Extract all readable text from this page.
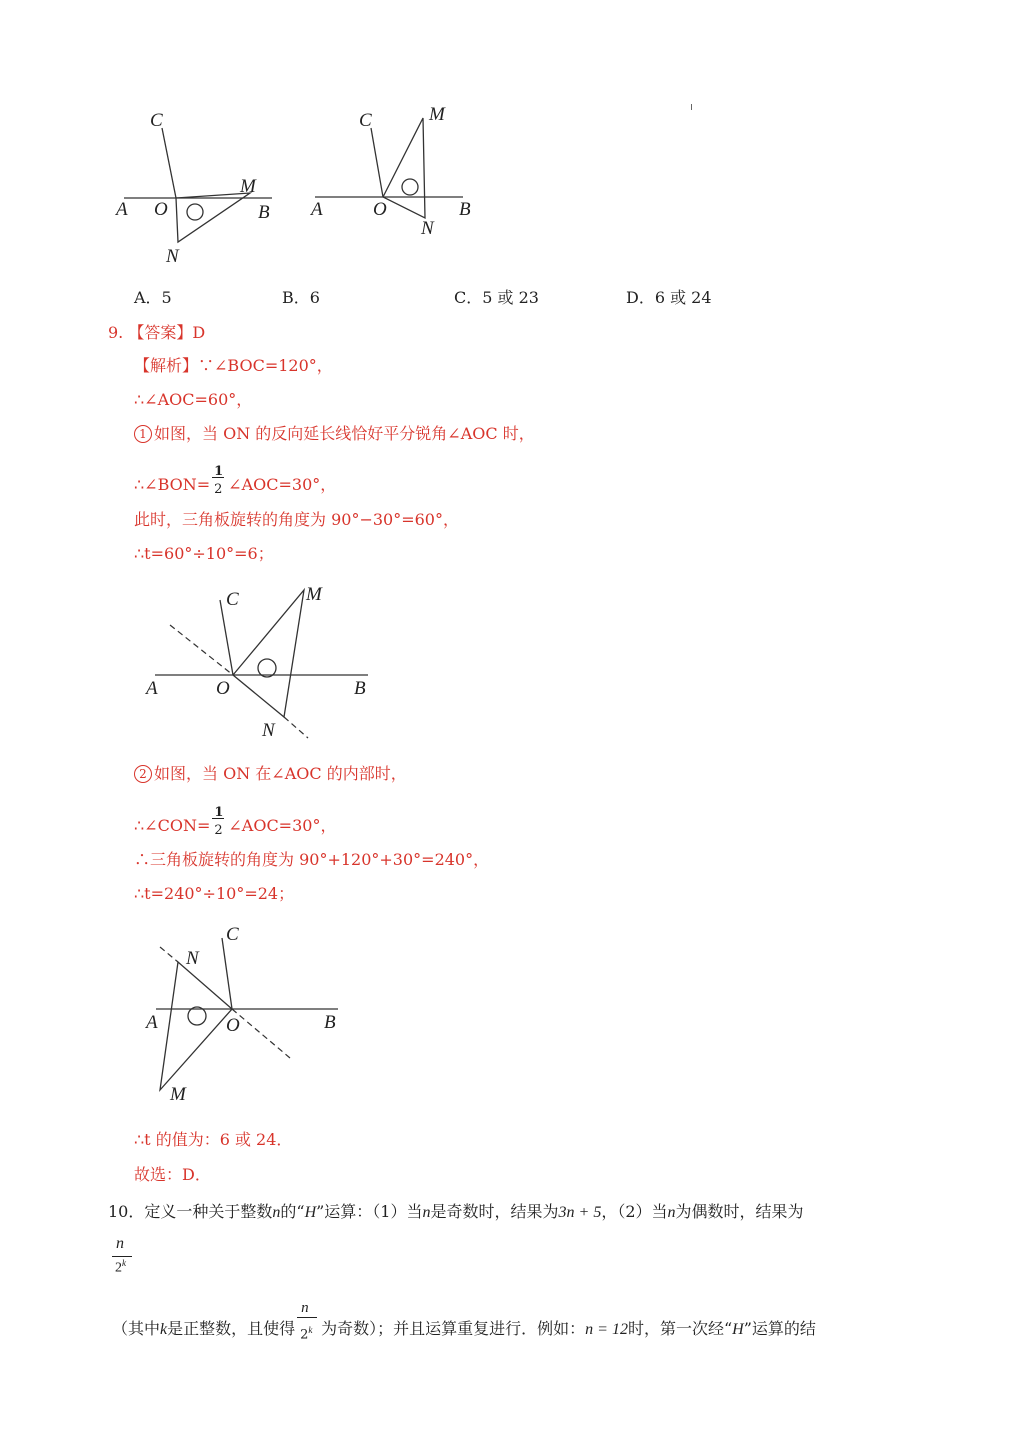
C
M
A O	B
N
C	M
A	O	B
N
A．5	B．6	C．5 或 23	D．6 或 24
9. 【答案】D
【解析】∵∠BOC=120°，
∴∠AOC=60°，
1 如图，当 ON 的反向延长线恰好平分锐角∠AOC 时，
∴∠BON= $\frac{1}{2}$ ∠AOC=30°，
此时，三角板旋转的角度为 90°−30°=60°，
∴t=60°÷10°=6；
C	M
A	O	B
N
2 如图，当 ON 在∠AOC 的内部时，
∴∠CON= $\frac{1}{2}$ ∠AOC=30°，
∴三角板旋转的角度为 90°+120°+30°=240°，
∴t=240°÷10°=24；
C
N
A	O	B
M
∴t 的值为：6 或 24．
故选：D．
10．定义一种关于整数n的“H”运算：（1）当n是奇数时，结果为3n + 5，（2）当n为偶数时，结果为
n
2$^k$
（其中k是正整数，且使得 $\frac{n}{2^k}$ 为奇数）；并且运算重复进行．例如：n = 12时，第一次经“H”运算的结
